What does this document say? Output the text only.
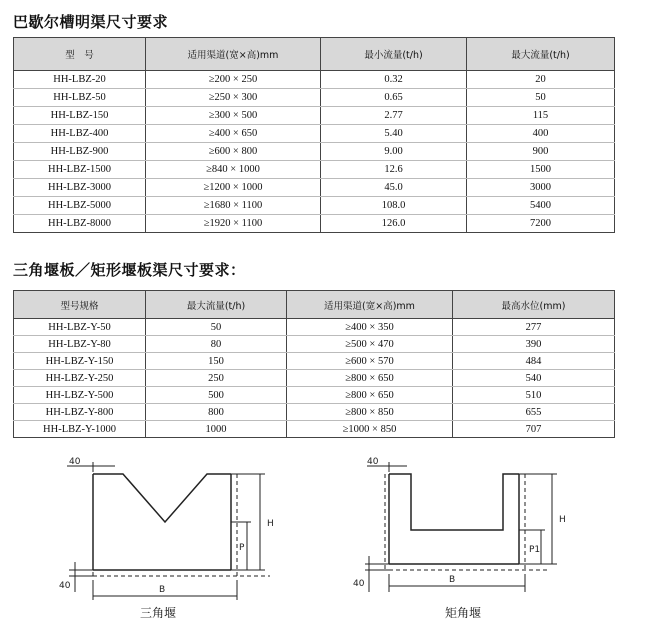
巴歇尔槽明渠尺寸要求
型　号	适用渠道(宽×高)mm	最小流量(t/h)	最大流量(t/h)
HH-LBZ-20	≥200 × 250	0.32	20
HH-LBZ-50	≥250 × 300	0.65	50
HH-LBZ-150	≥300 × 500	2.77	115
HH-LBZ-400	≥400 × 650	5.40	400
HH-LBZ-900	≥600 × 800	9.00	900
HH-LBZ-1500	≥840 × 1000	12.6	1500
HH-LBZ-3000	≥1200 × 1000	45.0	3000
HH-LBZ-5000	≥1680 × 1100	108.0	5400
HH-LBZ-8000	≥1920 × 1100	126.0	7200
三角堰板／矩形堰板渠尺寸要求：
型号规格	最大流量(t/h)	适用渠道(宽×高)mm	最高水位(mm)
HH-LBZ-Y-50	50	≥400 × 350	277
HH-LBZ-Y-80	80	≥500 × 470	390
HH-LBZ-Y-150	150	≥600 × 570	484
HH-LBZ-Y-250	250	≥800 × 650	540
HH-LBZ-Y-500	500	≥800 × 650	510
HH-LBZ-Y-800	800	≥800 × 850	655
HH-LBZ-Y-1000	1000	≥1000 × 850	707
40
H
P
B
40
三角堰
40
H
P1
B
40
矩角堰
